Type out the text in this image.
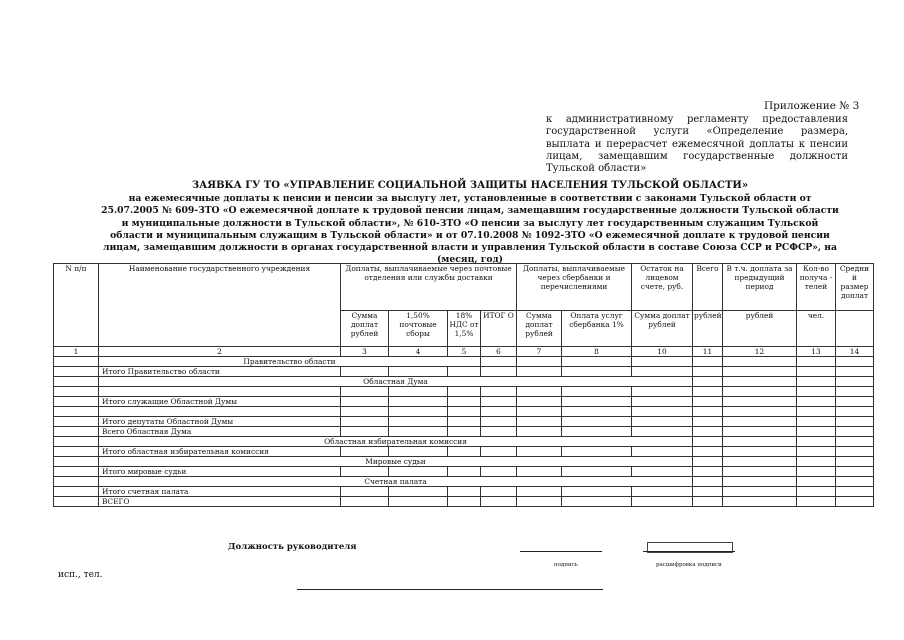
Приложение № 3
к административному регламенту предоставления государственной услуги «Определение размера, выплата и перерасчет ежемесячной доплаты к пенсии лицам, замещавшим государственные должности Тульской области»
ЗАЯВКА ГУ ТО «УПРАВЛЕНИЕ СОЦИАЛЬНОЙ ЗАЩИТЫ НАСЕЛЕНИЯ ТУЛЬСКОЙ ОБЛАСТИ»
на ежемесячные доплаты к пенсии и пенсии за выслугу лет, установленные в соответствии с законами Тульской области от 25.07.2005 № 609-ЗТО «О ежемесячной доплате к трудовой пенсии лицам, замещавшим государственные должности Тульской области и муниципальные должности в Тульской области», № 610-ЗТО «О пенсии за выслугу лет государственным служащим Тульской области и муниципальным служащим в Тульской области» и от 07.10.2008 № 1092-ЗТО «О ежемесячной доплате к трудовой пенсии лицам, замещавшим должности в органах государственной власти и управления Тульской области в составе Союза ССР и РСФСР», на (месяц, год)
N п/п	Наименование государственного учреждения	Доплаты, выплачиваемые через почтовые отделения или службы доставки				Доплаты, выплачиваемые через сбербанки и перечислениями		Остаток на лицевом счете, руб.	Всего	В т.ч. доплата за предыдущий период	Кол-во получа - телей	Средни й размер доплат
		Сумма доплат рублей	1,50% почтовые сборы	18% НДС от 1,5%	ИТОГ О	Сумма доплат рублей	Оплата услуг сбербанка 1%	Сумма доплат рублей	рублей	рублей	чел.	
1	2	3	4	5	6	7	8	10	11	12	13	14
	Правительство области											
	Итого Правительство области											
	Областная Дума											

	Итого служащие Областной Думы											

	Итого депутаты Областной Думы											
	Всего Областная Дума											
	Областная избирательная комиссия											
	Итого областная избирательная комиссия											
	Мировые судьи											
	Итого мировые судьи											
	Счетная палата											
	Итого счетная палата											
	ВСЕГО											
Должность руководителя
подпись	расшифровка подписи
исп., тел.
